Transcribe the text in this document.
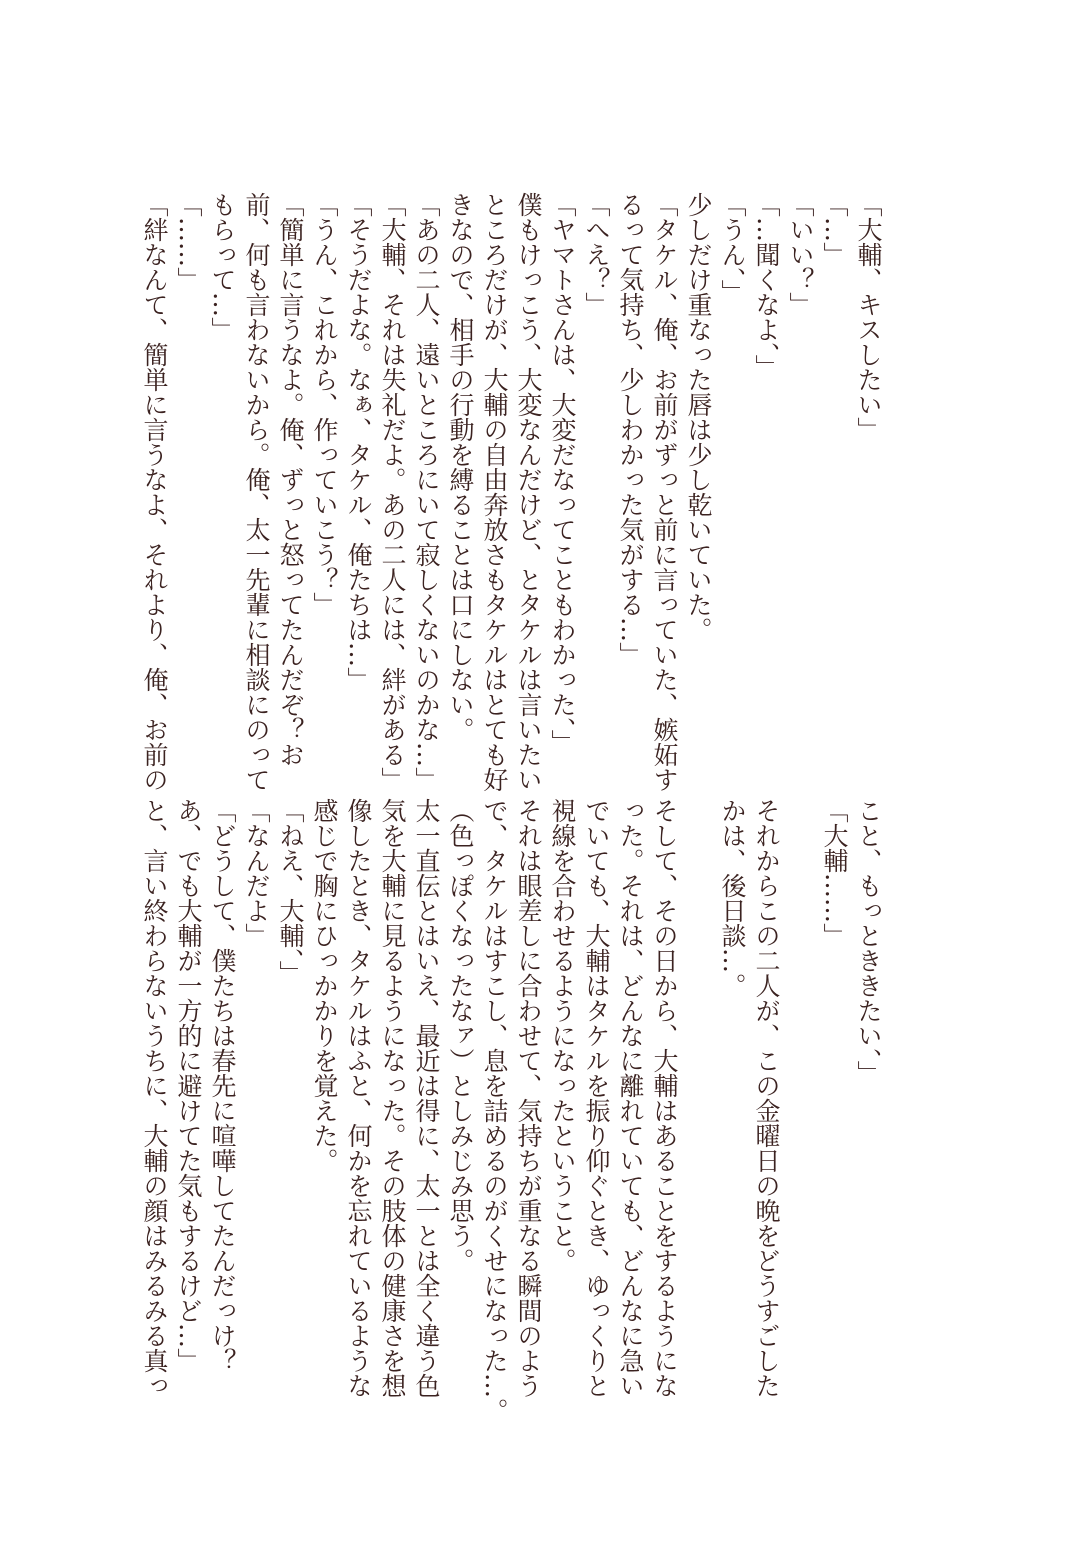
「大輔、キスしたい」
「…」
「いい？」
「…聞くなよ、」
「うん、」
少しだけ重なった唇は少し乾いていた。
「タケル、俺、お前がずっと前に言っていた、嫉妬す
るって気持ち、少しわかった気がする…」
「へえ？」
「ヤマトさんは、大変だなってこともわかった、」
僕もけっこう、大変なんだけど、とタケルは言いたい
ところだけが、大輔の自由奔放さもタケルはとても好
きなので、相手の行動を縛ることは口にしない。
「あの二人、遠いところにいて寂しくないのかな…」
「大輔、それは失礼だよ。あの二人には、絆がある」
「そうだよな。なぁ、タケル、俺たちは…」
「うん、これから、作っていこう？」
「簡単に言うなよ。俺、ずっと怒ってたんだぞ？お
前、何も言わないから。俺、太一先輩に相談にのって
もらって…」
「……」
「絆なんて、簡単に言うなよ、それより、俺、お前の
こと、もっとききたい、」
「大輔……」

それからこの二人が、この金曜日の晩をどうすごした
かは、後日談…。

そして、その日から、大輔はあることをするようにな
った。それは、どんなに離れていても、どんなに急い
でいても、大輔はタケルを振り仰ぐとき、ゆっくりと
視線を合わせるようになったということ。
それは眼差しに合わせて、気持ちが重なる瞬間のよう
で、タケルはすこし、息を詰めるのがくせになった…。
（色っぽくなったなァ）としみじみ思う。
太一直伝とはいえ、最近は得に、太一とは全く違う色
気を大輔に見るようになった。その肢体の健康さを想
像したとき、タケルはふと、何かを忘れているような
感じで胸にひっかかりを覚えた。
「ねえ、大輔、」
「なんだよ」
「どうして、僕たちは春先に喧嘩してたんだっけ？
あ、でも大輔が一方的に避けてた気もするけど…」
と、言い終わらないうちに、大輔の顔はみるみる真っ
